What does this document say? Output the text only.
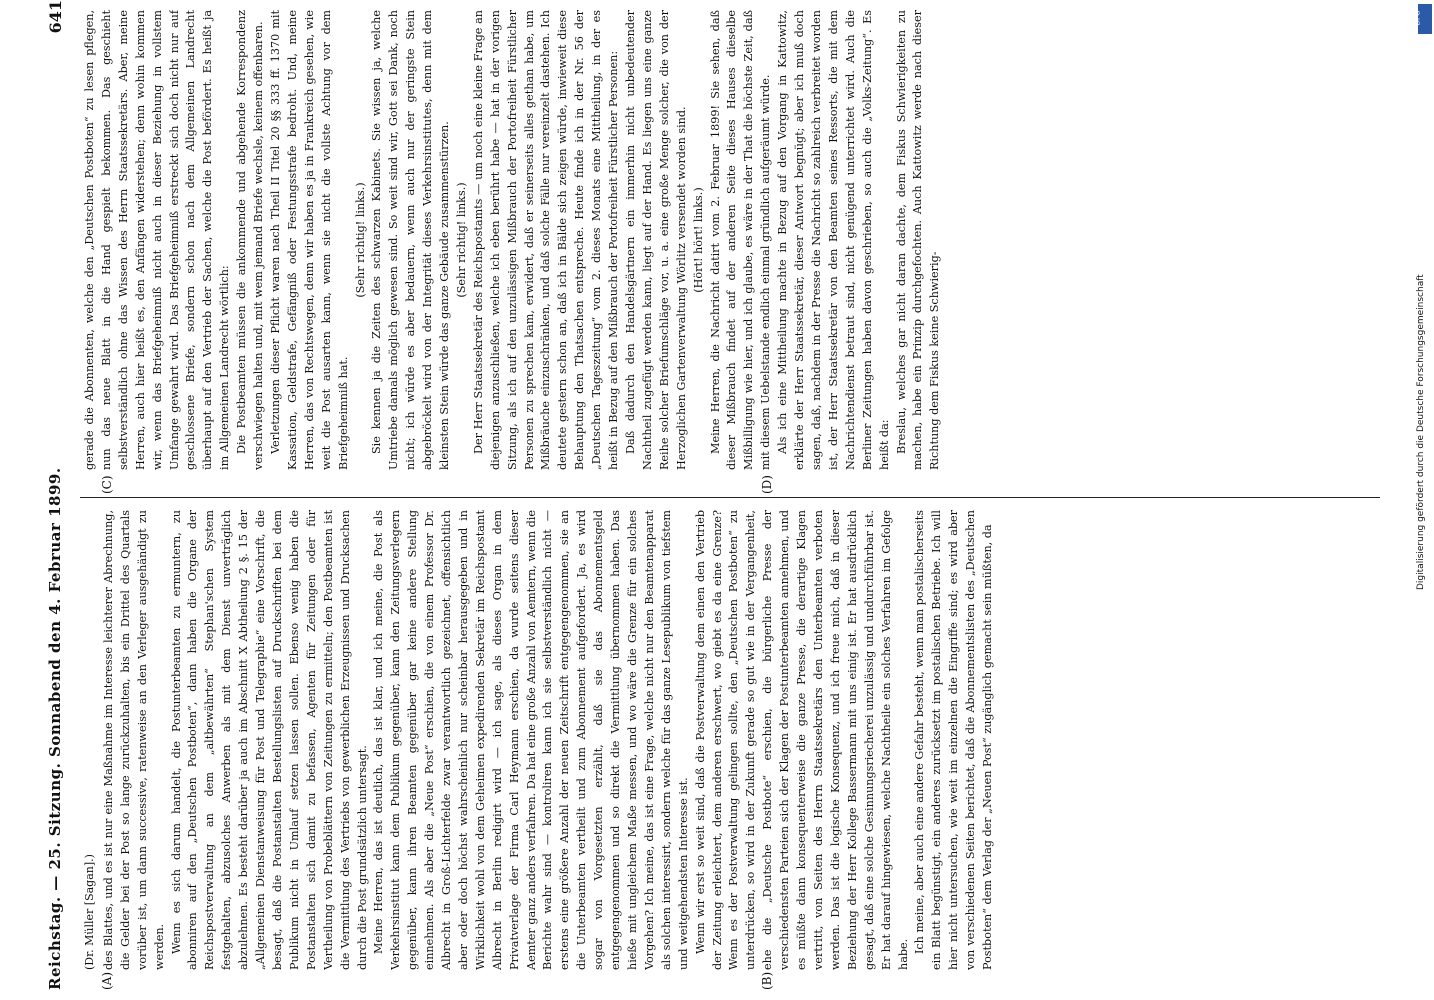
Reichstag. — 25. Sitzung. Sonnabend den 4. Februar 1899.
641
(A)	(B)
(C)	(D)
(Dr. Müller [Sagan].) des Blattes, und es ist nur eine Maßnahme im Interesse leichterer Abrechnung, die Gelder bei der Post so lange zurückzuhalten, bis ein Drittel des Quartals vorüber ist, um dann successive, ratenweise an den Verleger ausgehändigt zu werden. Wenn es sich darum handelt, die Postunterbeamten zu ermuntern, zu abonniren auf den „Deutschen Postboten“, dann haben die Organe der Reichspostverwaltung an dem „altbewährten“ Stephan'schen System festgehalten, abzusolches Anwerben als mit dem Dienst unverträglich abzulehnen. Es besteht darüber ja auch im Abschnitt X Abtheilung 2 §. 15 der „Allgemeinen Dienstanweisung für Post und Telegraphie“ eine Vorschrift, die besagt, daß die Postanstalten Bestellungslisten auf Druckschriften bei dem Publikum nicht in Umlauf setzen lassen sollen. Ebenso wenig haben die Postanstalten sich damit zu befassen, Agenten für Zeitungen oder für Vertheilung von Probeblättern von Zeitungen zu ermitteln; den Postbeamten ist die Vermittlung des Vertriebs von gewerblichen Erzeugnissen und Drucksachen durch die Post grundsätzlich untersagt. Meine Herren, das ist deutlich, das ist klar, und ich meine, die Post als Verkehrsinstitut kann dem Publikum gegenüber, kann den Zeitungsverlegern gegenüber, kann ihren Beamten gegenüber gar keine andere Stellung einnehmen. Als aber die „Neue Post“ erschien, die von einem Professor Dr. Albrecht in Groß-Lichterfelde zwar verantwortlich gezeichnet, offensichtlich aber oder doch höchst wahrscheinlich nur scheinbar herausgegeben und in Wirklichkeit wohl von dem Geheimen expedirenden Sekretär im Reichspostamt Albrecht in Berlin redigirt wird — ich sage, als dieses Organ in dem Privatverlage der Firma Carl Heymann erschien, da wurde seitens dieser Aemter ganz anders verfahren. Da hat eine große Anzahl von Aemtern, wenn die Berichte wahr sind — kontroliren kann ich sie selbstverständlich nicht — erstens eine größere Anzahl der neuen Zeitschrift entgegengenommen, sie an die Unterbeamten vertheilt und zum Abonnement aufgefordert. Ja, es wird sogar von Vorgesetzten erzählt, daß sie das Abonnementsgeld entgegengenommen und so direkt die Vermittlung übernommen haben. Das hieße mit ungleichem Maße messen, und wo wäre die Grenze für ein solches Vorgehen? Ich meine, das ist eine Frage, welche nicht nur den Beamtenapparat als solchen interessirt, sondern welche für das ganze Lesepublikum von tiefstem und weitgehendsten Interesse ist. Wenn wir erst so weit sind, daß die Postverwaltung dem einen den Vertrieb der Zeitung erleichtert, dem anderen erschwert, wo giebt es da eine Grenze? Wenn es der Postverwaltung gelingen sollte, den „Deutschen Postboten“ zu unterdrücken, so wird in der Zukunft gerade so gut wie in der Vergangenheit, ehe die „Deutsche Postbote“ erschien, die bürgerliche Presse der verschiedensten Parteien sich der Klagen der Postunterbeamten annehmen, und es müßte dann konsequenterweise die ganze Presse, die derartige Klagen vertritt, von Seiten des Herrn Staatssekretärs den Unterbeamten verboten werden. Das ist die logische Konsequenz, und ich freue mich, daß in dieser Beziehung der Herr Kollege Bassermann mit uns einig ist. Er hat ausdrücklich gesagt, daß eine solche Gesinnungsriecherei unzulässig und undurchführbar ist. Er hat darauf hingewiesen, welche Nachtheile ein solches Verfahren im Gefolge habe.

Ich meine, aber auch eine andere Gefahr besteht, wenn man postalischerseits ein Blatt begünstigt, ein anderes zurücksetzt im postalischen Betriebe. Ich will hier nicht untersuchen, wie weit im einzelnen die Eingriffe sind; es wird aber von verschiedenen Seiten berichtet, daß die Abonnementslisten des „Deutschen Postboten“ dem Verlag der „Neuen Post“ zugänglich gemacht sein müßten, da

gerade die Abonnenten, welche den „Deutschen Postboten“ zu lesen pflegen, nun das neue Blatt in die Hand gespielt bekommen. Das geschieht selbstverständlich ohne das Wissen des Herrn Staatssekretärs. Aber, meine Herren, auch hier heißt es, den Anfängen widerstehen; denn wohin kommen wir, wenn das Briefgeheimniß nicht auch in dieser Beziehung in vollstem Umfange gewahrt wird. Das Briefgeheimniß erstreckt sich doch nicht nur auf geschlossene Briefe, sondern schon nach dem Allgemeinen Landrecht überhaupt auf den Vertrieb der Sachen, welche die Post befördert. Es heißt ja im Allgemeinen Landrecht wörtlich: Die Postbeamten müssen die ankommende und abgehende Korrespondenz verschwiegen halten und, mit wem jemand Briefe wechsle, keinem offenbaren. Verletzungen dieser Pflicht waren nach Theil II Titel 20 §§ 333 ff. 1370 mit Kassation, Geldstrafe, Gefängniß oder Festungsstrafe bedroht. Und, meine Herren, das von Rechtswegen, denn wir haben es ja in Frankreich gesehen, wie weit die Post ausarten kann, wenn sie nicht die vollste Achtung vor dem Briefgeheimniß hat.

(Sehr richtig! links.) Sie kennen ja die Zeiten des schwarzen Kabinets. Sie wissen ja, welche Umtriebe damals möglich gewesen sind. So weit sind wir, Gott sei Dank, noch nicht; ich würde es aber bedauern, wenn auch nur der geringste Stein abgebröckelt wird von der Integrität dieses Verkehrsinstitutes, denn mit dem kleinsten Stein würde das ganze Gebäude zusammenstürzen. (Sehr richtig! links.) Der Herr Staatssekretär des Reichspostamts — um noch eine kleine Frage an diejenigen anzuschließen, welche ich eben berührt habe — hat in der vorigen Sitzung, als ich auf den unzulässigen Mißbrauch der Portofreiheit Fürstlicher Personen zu sprechen kam, erwidert, daß er seinerseits alles gethan habe, um Mißbräuche einzuschränken, und daß solche Fälle nur vereinzelt dastehen. Ich deutete gestern schon an, daß ich in Bälde sich zeigen würde, inwieweit diese Behauptung den Thatsachen entspreche. Heute finde ich in der Nr. 56 der „Deutschen Tageszeitung“ vom 2. dieses Monats eine Mittheilung, in der es heißt in Bezug auf den Mißbrauch der Portofreiheit Fürstlicher Personen: Daß dadurch den Handelsgärtnern ein immerhin nicht unbedeutender Nachtheil zugefügt werden kann, liegt auf der Hand. Es liegen uns eine ganze Reihe solcher Briefumschläge vor, u. a. eine große Menge solcher, die von der Herzoglichen Gartenverwaltung Wörlitz versendet worden sind. (Hört! hört! links.) Meine Herren, die Nachricht datirt vom 2. Februar 1899! Sie sehen, daß dieser Mißbrauch findet auf der anderen Seite dieses Hauses dieselbe Mißbilligung wie hier, und ich glaube, es wäre in der That die höchste Zeit, daß mit diesem Uebelstande endlich einmal gründlich aufgeräumt würde. Als ich eine Mittheilung machte in Bezug auf den Vorgang in Kattowitz, erklärte der Herr Staatssekretär, dieser Antwort begnügt; aber ich muß doch sagen, daß, nachdem in der Presse die Nachricht so zahlreich verbreitet worden ist, der Herr Staatssekretär von den Beamten seines Ressorts, die mit dem Nachrichtendienst betraut sind, nicht genügend unterrichtet wird. Auch die Berliner Zeitungen haben davon geschrieben, so auch die „Volks-Zeitung“. Es heißt da: Breslau, welches gar nicht daran dachte, dem Fiskus Schwierigkeiten zu machen, habe ein Prinzip durchgefochten. Auch Kattowitz werde nach dieser Richtung dem Fiskus keine Schwierig-

DFG
Digitalisierung gefördert durch die Deutsche Forschungsgemeinschaft
